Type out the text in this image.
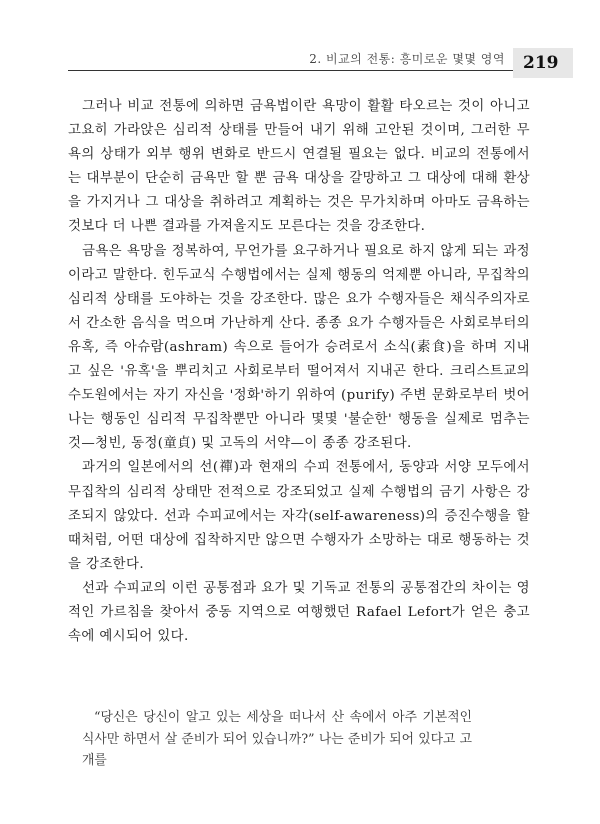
2. 비교의 전통: 흥미로운 몇몇 영역 219

그러나 비교 전통에 의하면 금욕법이란 욕망이 활활 타오르는 것이 아니고 고요히 가라앉은 심리적 상태를 만들어 내기 위해 고안된 것이며, 그러한 무욕의 상태가 외부 행위 변화로 반드시 연결될 필요는 없다. 비교의 전통에서는 대부분이 단순히 금욕만 할 뿐 금욕 대상을 갈망하고 그 대상에 대해 환상을 가지거나 그 대상을 취하려고 계획하는 것은 무가치하며 아마도 금욕하는 것보다 더 나쁜 결과를 가져올지도 모른다는 것을 강조한다.

금욕은 욕망을 정복하여, 무언가를 요구하거나 필요로 하지 않게 되는 과정이라고 말한다. 힌두교식 수행법에서는 실제 행동의 억제뿐 아니라, 무집착의 심리적 상태를 도야하는 것을 강조한다. 많은 요가 수행자들은 채식주의자로서 간소한 음식을 먹으며 가난하게 산다. 종종 요가 수행자들은 사회로부터의 유혹, 즉 아슈람(ashram) 속으로 들어가 승려로서 소식(素食)을 하며 지내고 싶은 '유혹'을 뿌리치고 사회로부터 떨어져서 지내곤 한다. 크리스트교의 수도원에서는 자기 자신을 '정화'하기 위하여 (purify) 주변 문화로부터 벗어나는 행동인 심리적 무집착뿐만 아니라 몇몇 '불순한' 행동을 실제로 멈추는 것—청빈, 동정(童貞) 및 고독의 서약—이 종종 강조된다.

과거의 일본에서의 선(禪)과 현재의 수피 전통에서, 동양과 서양 모두에서 무집착의 심리적 상태만 전적으로 강조되었고 실제 수행법의 금기 사항은 강조되지 않았다. 선과 수피교에서는 자각(self-awareness)의 증진수행을 할 때처럼, 어떤 대상에 집착하지만 않으면 수행자가 소망하는 대로 행동하는 것을 강조한다.

선과 수피교의 이런 공통점과 요가 및 기독교 전통의 공통점간의 차이는 영적인 가르침을 찾아서 중동 지역으로 여행했던 Rafael Lefort가 얻은 충고 속에 예시되어 있다.

“당신은 당신이 알고 있는 세상을 떠나서 산 속에서 아주 기본적인 식사만 하면서 살 준비가 되어 있습니까?” 나는 준비가 되어 있다고 고개를
